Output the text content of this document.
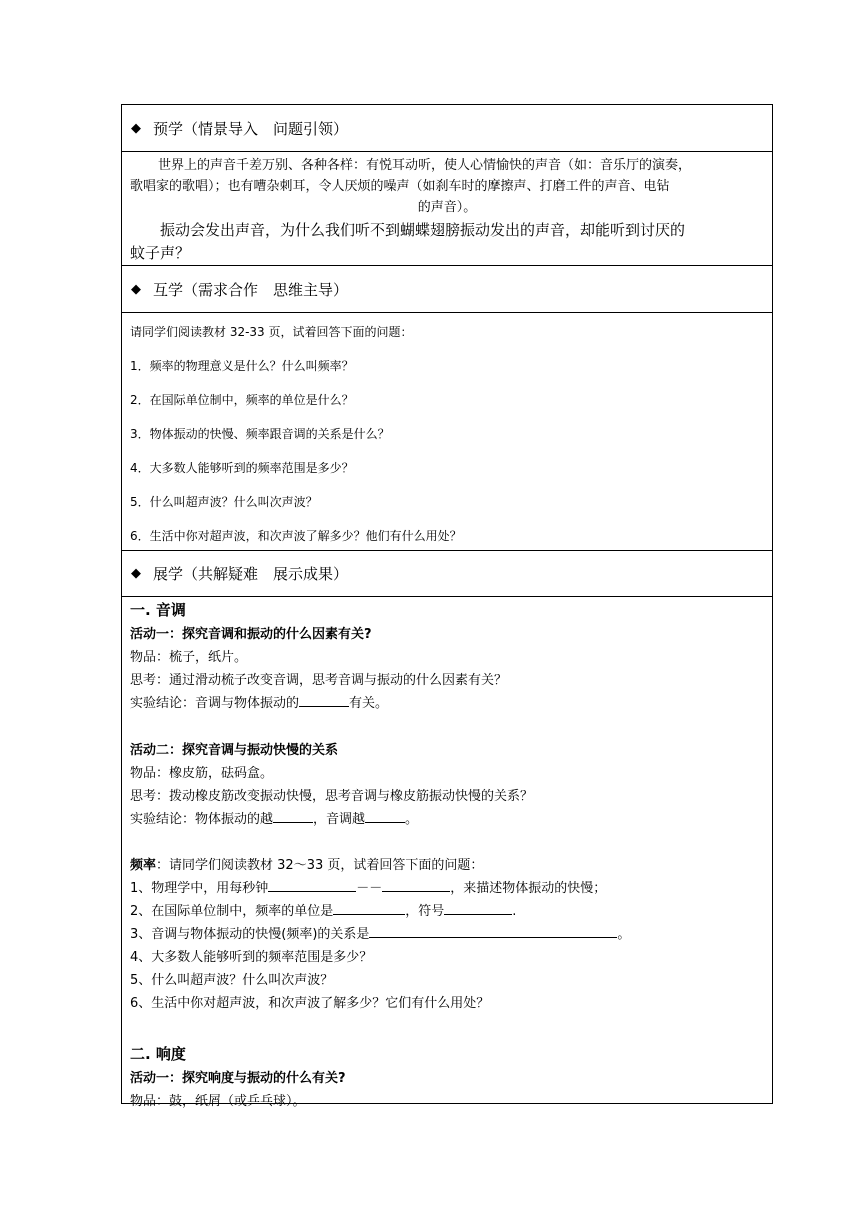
◆ 预学（情景导入　问题引领）
世界上的声音千差万别、各种各样：有悦耳动听，使人心情愉快的声音（如：音乐厅的演奏，
歌唱家的歌唱）；也有嘈杂刺耳，令人厌烦的噪声（如刹车时的摩擦声、打磨工件的声音、电钻
的声音）。
振动会发出声音，为什么我们听不到蝴蝶翅膀振动发出的声音，却能听到讨厌的
蚊子声？
◆ 互学（需求合作　思维主导）
请同学们阅读教材 32-33 页，试着回答下面的问题：
1．频率的物理意义是什么？什么叫频率？
2．在国际单位制中，频率的单位是什么？
3．物体振动的快慢、频率跟音调的关系是什么？
4．大多数人能够听到的频率范围是多少？
5．什么叫超声波？什么叫次声波？
6．生活中你对超声波，和次声波了解多少？他们有什么用处？
◆ 展学（共解疑难　展示成果）
一. 音调
活动一：探究音调和振动的什么因素有关?
物品：梳子，纸片。
思考：通过滑动梳子改变音调，思考音调与振动的什么因素有关？
实验结论：音调与物体振动的	有关。
活动二：探究音调与振动快慢的关系
物品：橡皮筋，砝码盒。
思考：拨动橡皮筋改变振动快慢，思考音调与橡皮筋振动快慢的关系？
实验结论：物体振动的越	，音调越	。
频率：请同学们阅读教材 32～33 页，试着回答下面的问题：
1、物理学中，用每秒钟	－－	，来描述物体振动的快慢；
2、在国际单位制中，频率的单位是	，符号	.
3、音调与物体振动的快慢(频率)的关系是	。
4、大多数人能够听到的频率范围是多少？
5、什么叫超声波？什么叫次声波？
6、生活中你对超声波，和次声波了解多少？它们有什么用处？
二. 响度
活动一：探究响度与振动的什么有关?
物品：鼓，纸屑（或乒乓球）。
